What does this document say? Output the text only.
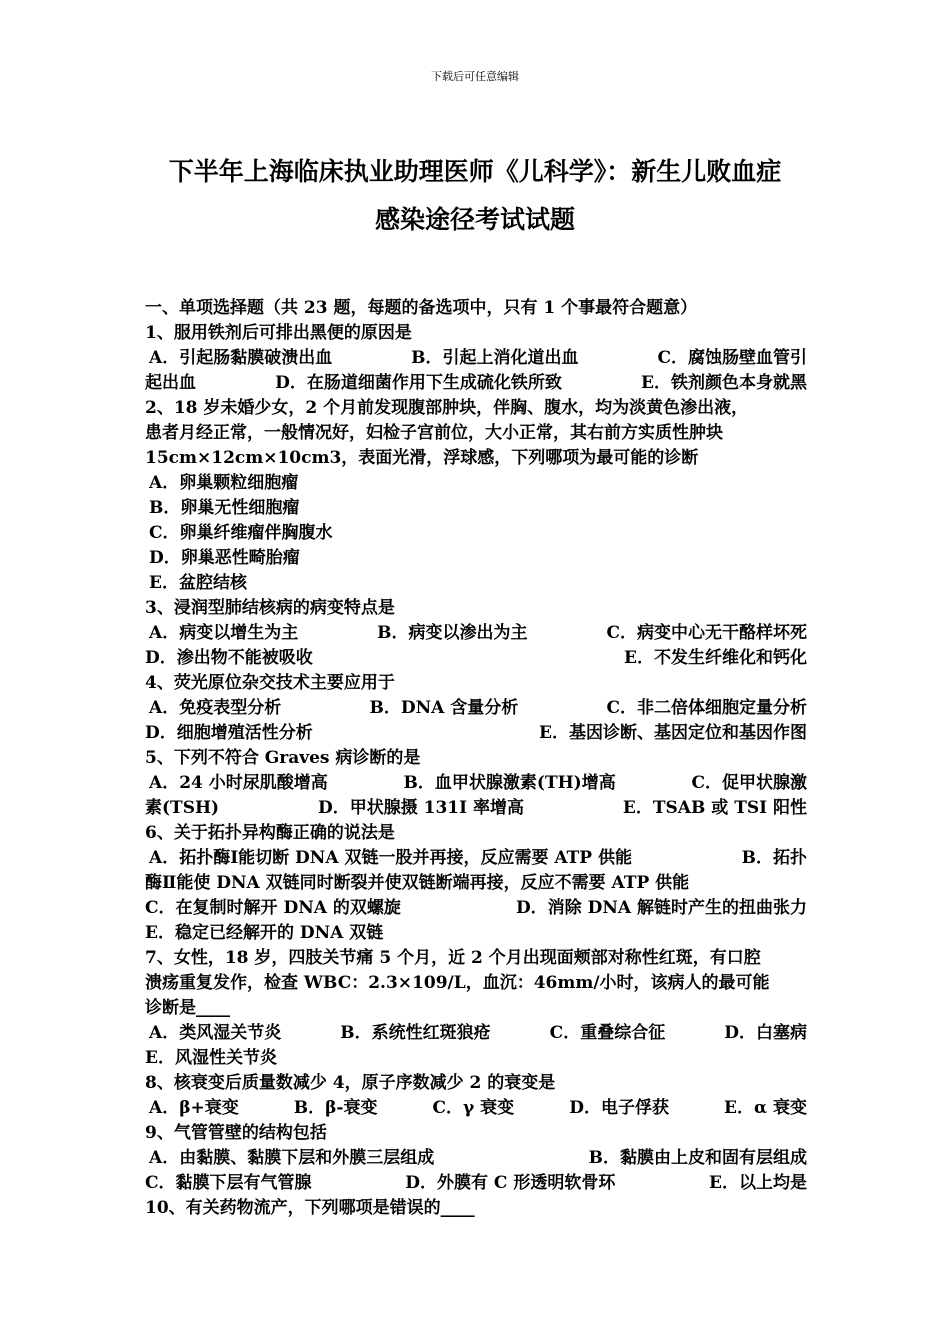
下载后可任意编辑
下半年上海临床执业助理医师《儿科学》：新生儿败血症
感染途径考试试题
一、单项选择题（共 23 题，每题的备选项中，只有 1 个事最符合题意）
1、服用铁剂后可排出黑便的原因是
A．引起肠黏膜破溃出血	B．引起上消化道出血	C．腐蚀肠壁血管引
起出血	D．在肠道细菌作用下生成硫化铁所致	E．铁剂颜色本身就黑
2、18 岁未婚少女，2 个月前发现腹部肿块，伴胸、腹水，均为淡黄色渗出液，
患者月经正常，一般情况好，妇检子宫前位，大小正常，其右前方实质性肿块
15cm×12cm×10cm3，表面光滑，浮球感，下列哪项为最可能的诊断
A．卵巢颗粒细胞瘤
B．卵巢无性细胞瘤
C．卵巢纤维瘤伴胸腹水
D．卵巢恶性畸胎瘤
E．盆腔结核
3、浸润型肺结核病的病变特点是
A．病变以增生为主	B．病变以渗出为主	C．病变中心无干酪样坏死
D．渗出物不能被吸收	E．不发生纤维化和钙化
4、荧光原位杂交技术主要应用于
A．免疫表型分析	B．DNA 含量分析	C．非二倍体细胞定量分析
D．细胞增殖活性分析	E．基因诊断、基因定位和基因作图
5、下列不符合 Graves 病诊断的是
A．24 小时尿肌酸增高	B．血甲状腺激素(TH)增高	C．促甲状腺激
素(TSH)	D．甲状腺摄 131I 率增高	E．TSAB 或 TSI 阳性
6、关于拓扑异构酶正确的说法是
A．拓扑酶Ⅰ能切断 DNA 双链一股并再接，反应需要 ATP 供能	B．拓扑
酶Ⅱ能使 DNA 双链同时断裂并使双链断端再接，反应不需要 ATP 供能
C．在复制时解开 DNA 的双螺旋	D．消除 DNA 解链时产生的扭曲张力
E．稳定已经解开的 DNA 双链
7、女性，18 岁，四肢关节痛 5 个月，近 2 个月出现面颊部对称性红斑，有口腔
溃疡重复发作，检查 WBC：2.3×109/L，血沉：46mm/小时，该病人的最可能
诊断是____
A．类风湿关节炎	B．系统性红斑狼疮	C．重叠综合征	D．白塞病
E．风湿性关节炎
8、核衰变后质量数减少 4，原子序数减少 2 的衰变是
A．β+衰变	B．β-衰变	C．γ 衰变	D．电子俘获	E．α 衰变
9、气管管壁的结构包括
A．由黏膜、黏膜下层和外膜三层组成	B．黏膜由上皮和固有层组成
C．黏膜下层有气管腺	D．外膜有 C 形透明软骨环	E．以上均是
10、有关药物流产，下列哪项是错误的____
